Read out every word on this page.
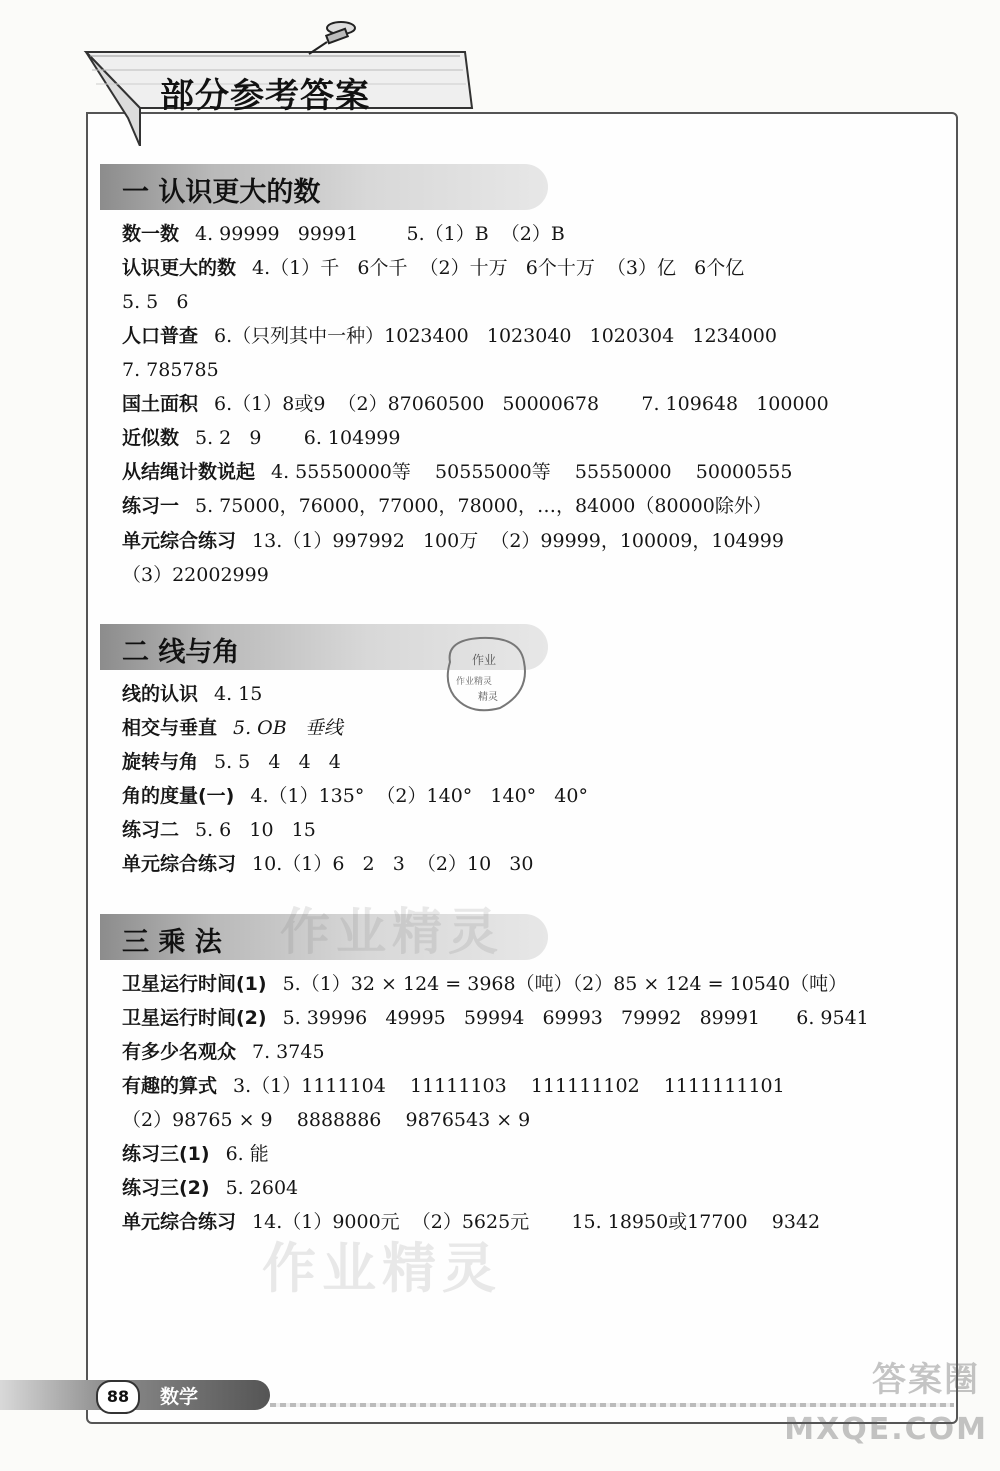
部分参考答案
一 认识更大的数
数一数 4. 99999   99991        5.（1）B  （2）B
认识更大的数 4.（1）千   6个千  （2）十万   6个十万  （3）亿   6个亿
5. 5   6
人口普查 6.（只列其中一种）1023400   1023040   1020304   1234000
7. 785785
国土面积 6.（1）8或9  （2）87060500   50000678       7. 109648   100000
近似数 5. 2   9       6. 104999
从结绳计数说起 4. 55550000等    50555000等    55550000    50000555
练习一 5. 75000，76000，77000，78000，…，84000（80000除外）
单元综合练习 13.（1）997992   100万  （2）99999，100009，104999
（3）22002999
二 线与角	作业
作业精灵
精灵
线的认识 4. 15
相交与垂直 5. OB   垂线
旋转与角 5. 5   4   4   4
角的度量(一) 4.（1）135°  （2）140°   140°   40°
练习二 5. 6   10   15
单元综合练习 10.（1）6   2   3  （2）10   30
三 乘 法 作业精灵
卫星运行时间(1) 5.（1）32 × 124 = 3968（吨）（2）85 × 124 = 10540（吨）
卫星运行时间(2) 5. 39996   49995   59994   69993   79992   89991      6. 9541
有多少名观众 7. 3745
有趣的算式 3.（1）1111104    11111103    111111102    1111111101
（2）98765 × 9    8888886    9876543 × 9
练习三(1) 6. 能
练习三(2) 5. 2604
单元综合练习 14.（1）9000元  （2）5625元       15. 18950或17700    9342
作业精灵
88	数学	答案圈
MXQE.COM
